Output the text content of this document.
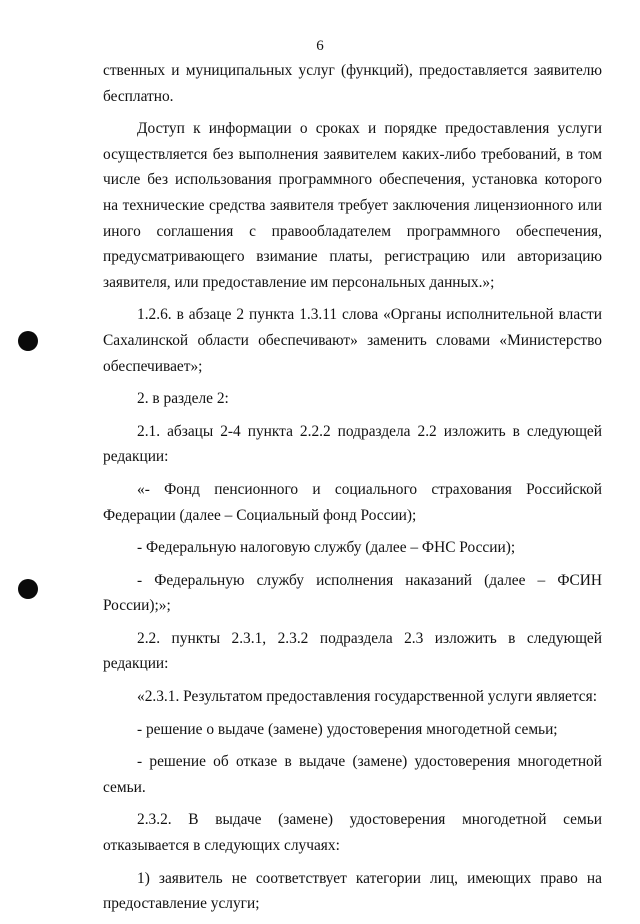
6

ственных и муниципальных услуг (функций), предоставляется заявителю бесплатно.

Доступ к информации о сроках и порядке предоставления услуги осуществляется без выполнения заявителем каких-либо требований, в том числе без использования программного обеспечения, установка которого на технические средства заявителя требует заключения лицензионного или иного соглашения с правообладателем программного обеспечения, предусматривающего взимание платы, регистрацию или авторизацию заявителя, или предоставление им персональных данных.»;

1.2.6. в абзаце 2 пункта 1.3.11 слова «Органы исполнительной власти Сахалинской области обеспечивают» заменить словами «Министерство обеспечивает»;

2. в разделе 2:

2.1. абзацы 2-4 пункта 2.2.2 подраздела 2.2 изложить в следующей редакции:

«- Фонд пенсионного и социального страхования Российской Федерации (далее – Социальный фонд России);

- Федеральную налоговую службу (далее – ФНС России);

- Федеральную службу исполнения наказаний (далее – ФСИН России);»;

2.2. пункты 2.3.1, 2.3.2 подраздела 2.3 изложить в следующей редакции:

«2.3.1. Результатом предоставления государственной услуги является:

- решение о выдаче (замене) удостоверения многодетной семьи;

- решение об отказе в выдаче (замене) удостоверения многодетной семьи.

2.3.2. В выдаче (замене) удостоверения многодетной семьи отказывается в следующих случаях:

1) заявитель не соответствует категории лиц, имеющих право на предоставление услуги;
